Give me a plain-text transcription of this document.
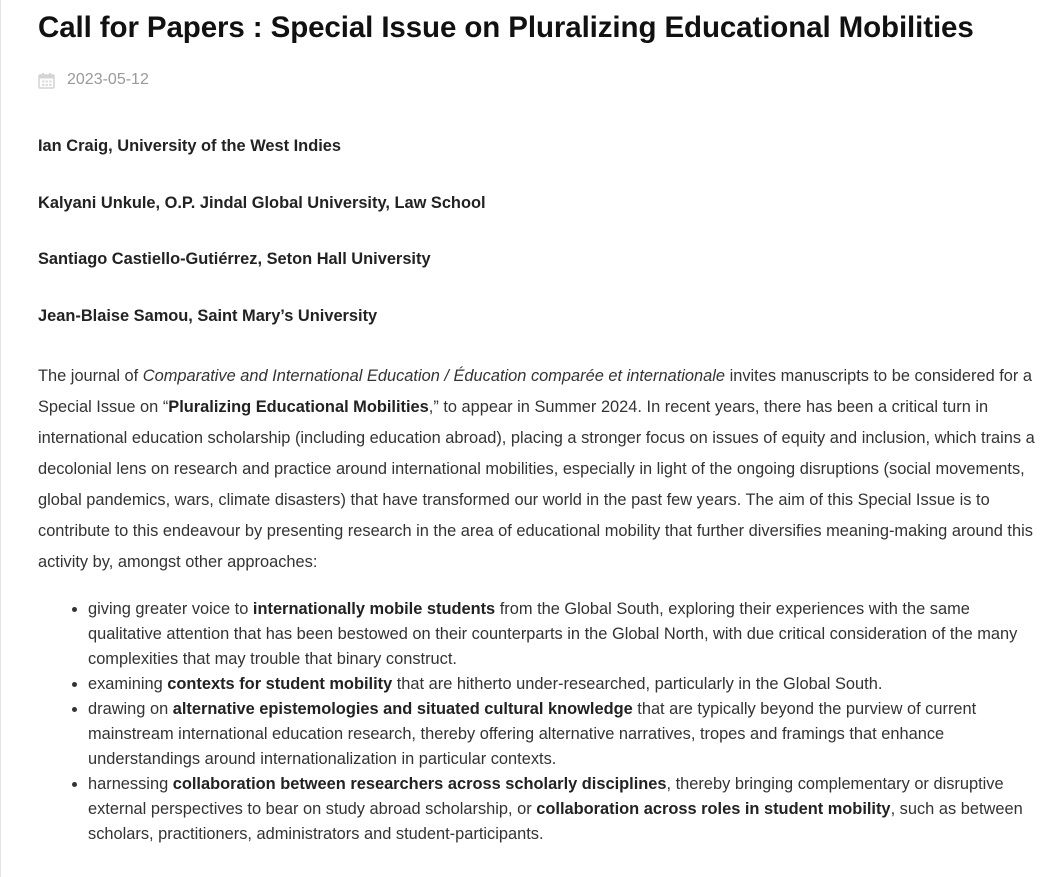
Call for Papers : Special Issue on Pluralizing Educational Mobilities
2023-05-12
Ian Craig, University of the West Indies
Kalyani Unkule, O.P. Jindal Global University, Law School
Santiago Castiello-Gutiérrez, Seton Hall University
Jean-Blaise Samou, Saint Mary’s University

The journal of Comparative and International Education / Éducation comparée et internationale invites manuscripts to be considered for a Special Issue on “Pluralizing Educational Mobilities,” to appear in Summer 2024. In recent years, there has been a critical turn in international education scholarship (including education abroad), placing a stronger focus on issues of equity and inclusion, which trains a decolonial lens on research and practice around international mobilities, especially in light of the ongoing disruptions (social movements, global pandemics, wars, climate disasters) that have transformed our world in the past few years. The aim of this Special Issue is to contribute to this endeavour by presenting research in the area of educational mobility that further diversifies meaning-making around this activity by, amongst other approaches:

• giving greater voice to internationally mobile students from the Global South, exploring their experiences with the same qualitative attention that has been bestowed on their counterparts in the Global North, with due critical consideration of the many complexities that may trouble that binary construct.
• examining contexts for student mobility that are hitherto under-researched, particularly in the Global South.
• drawing on alternative epistemologies and situated cultural knowledge that are typically beyond the purview of current mainstream international education research, thereby offering alternative narratives, tropes and framings that enhance understandings around internationalization in particular contexts.
• harnessing collaboration between researchers across scholarly disciplines, thereby bringing complementary or disruptive external perspectives to bear on study abroad scholarship, or collaboration across roles in student mobility, such as between scholars, practitioners, administrators and student-participants.
